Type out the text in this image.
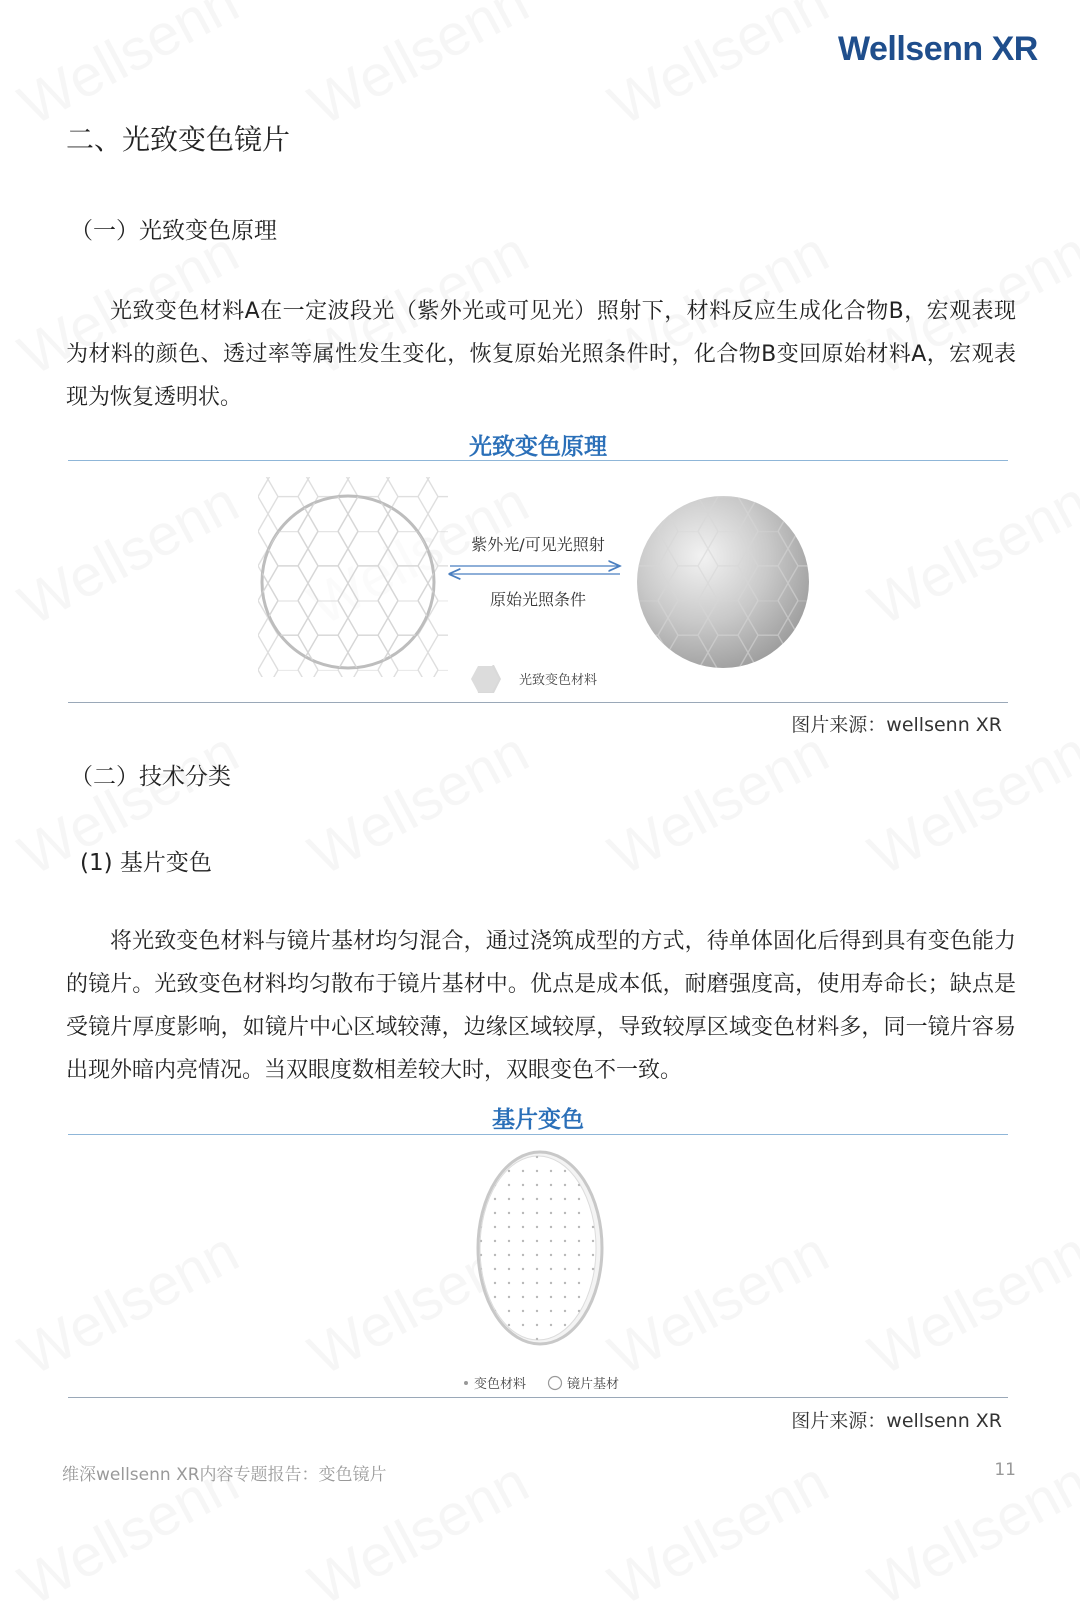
Wellsenn XR
二、光致变色镜片
（一）光致变色原理
光致变色材料A在一定波段光（紫外光或可见光）照射下，材料反应生成化合物B，宏观表现为材料的颜色、透过率等属性发生变化，恢复原始光照条件时，化合物B变回原始材料A，宏观表现为恢复透明状。
光致变色原理
紫外光/可见光照射
原始光照条件
光致变色材料
图片来源：wellsenn XR
（二）技术分类
(1) 基片变色
将光致变色材料与镜片基材均匀混合，通过浇筑成型的方式，待单体固化后得到具有变色能力的镜片。光致变色材料均匀散布于镜片基材中。优点是成本低，耐磨强度高，使用寿命长；缺点是受镜片厚度影响，如镜片中心区域较薄，边缘区域较厚，导致较厚区域变色材料多，同一镜片容易出现外暗内亮情况。当双眼度数相差较大时，双眼变色不一致。
基片变色
变色材料	镜片基材
图片来源：wellsenn XR
维深wellsenn XR内容专题报告：变色镜片	11
